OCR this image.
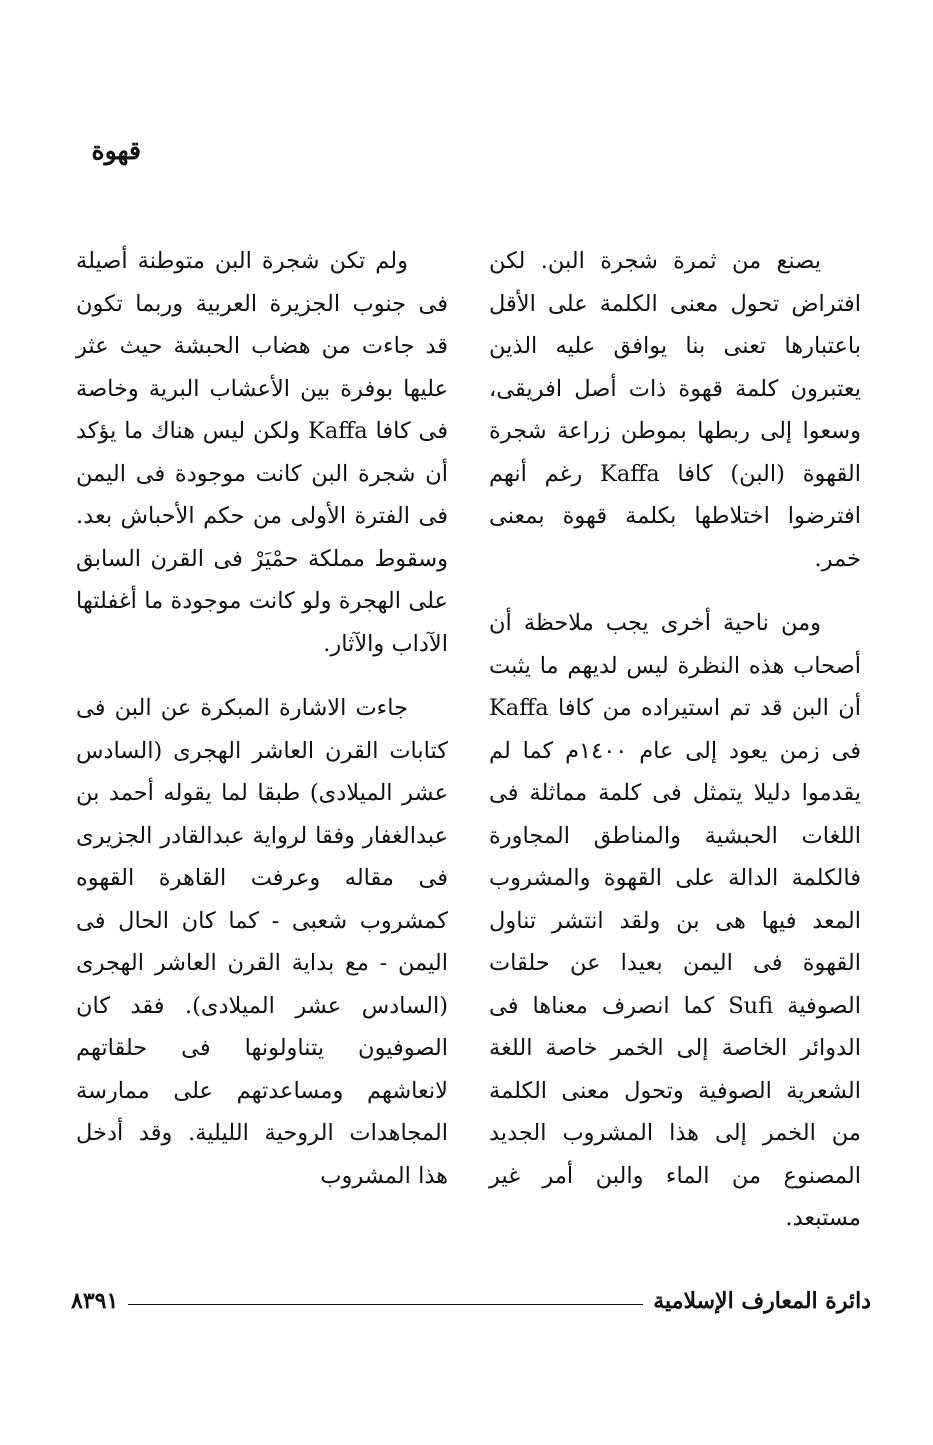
قهوة

يصنع من ثمرة شجرة البن. لكن افتراض تحول معنى الكلمة على الأقل باعتبارها تعنى بنا يوافق عليه الذين يعتبرون كلمة قهوة ذات أصل افريقى، وسعوا إلى ربطها بموطن زراعة شجرة القهوة (البن) كافا Kaffa رغم أنهم افترضوا اختلاطها بكلمة قهوة بمعنى خمر.

ومن ناحية أخرى يجب ملاحظة أن أصحاب هذه النظرة ليس لديهم ما يثبت أن البن قد تم استيراده من كافا Kaffa فى زمن يعود إلى عام ١٤٠٠م كما لم يقدموا دليلا يتمثل فى كلمة مماثلة فى اللغات الحبشية والمناطق المجاورة فالكلمة الدالة على القهوة والمشروب المعد فيها هى بن ولقد انتشر تناول القهوة فى اليمن بعيدا عن حلقات الصوفية Sufi كما انصرف معناها فى الدوائر الخاصة إلى الخمر خاصة اللغة الشعرية الصوفية وتحول معنى الكلمة من الخمر إلى هذا المشروب الجديد المصنوع من الماء والبن أمر غير مستبعد.

ولم تكن شجرة البن متوطنة أصيلة فى جنوب الجزيرة العربية وربما تكون قد جاءت من هضاب الحبشة حيث عثر عليها بوفرة بين الأعشاب البرية وخاصة فى كافا Kaffa ولكن ليس هناك ما يؤكد أن شجرة البن كانت موجودة فى اليمن فى الفترة الأولى من حكم الأحباش بعد. وسقوط مملكة حمْيَرْ فى القرن السابق على الهجرة ولو كانت موجودة ما أغفلتها الآداب والآثار.

جاءت الاشارة المبكرة عن البن فى كتابات القرن العاشر الهجرى (السادس عشر الميلادى) طبقا لما يقوله أحمد بن عبدالغفار وفقا لرواية عبدالقادر الجزيرى فى مقاله وعرفت القاهرة القهوه كمشروب شعبى - كما كان الحال فى اليمن - مع بداية القرن العاشر الهجرى (السادس عشر الميلادى). فقد كان الصوفيون يتناولونها فى حلقاتهم لانعاشهم ومساعدتهم على ممارسة المجاهدات الروحية الليلية. وقد أدخل هذا المشروب

دائرة المعارف الإسلامية
٨٣٩١
